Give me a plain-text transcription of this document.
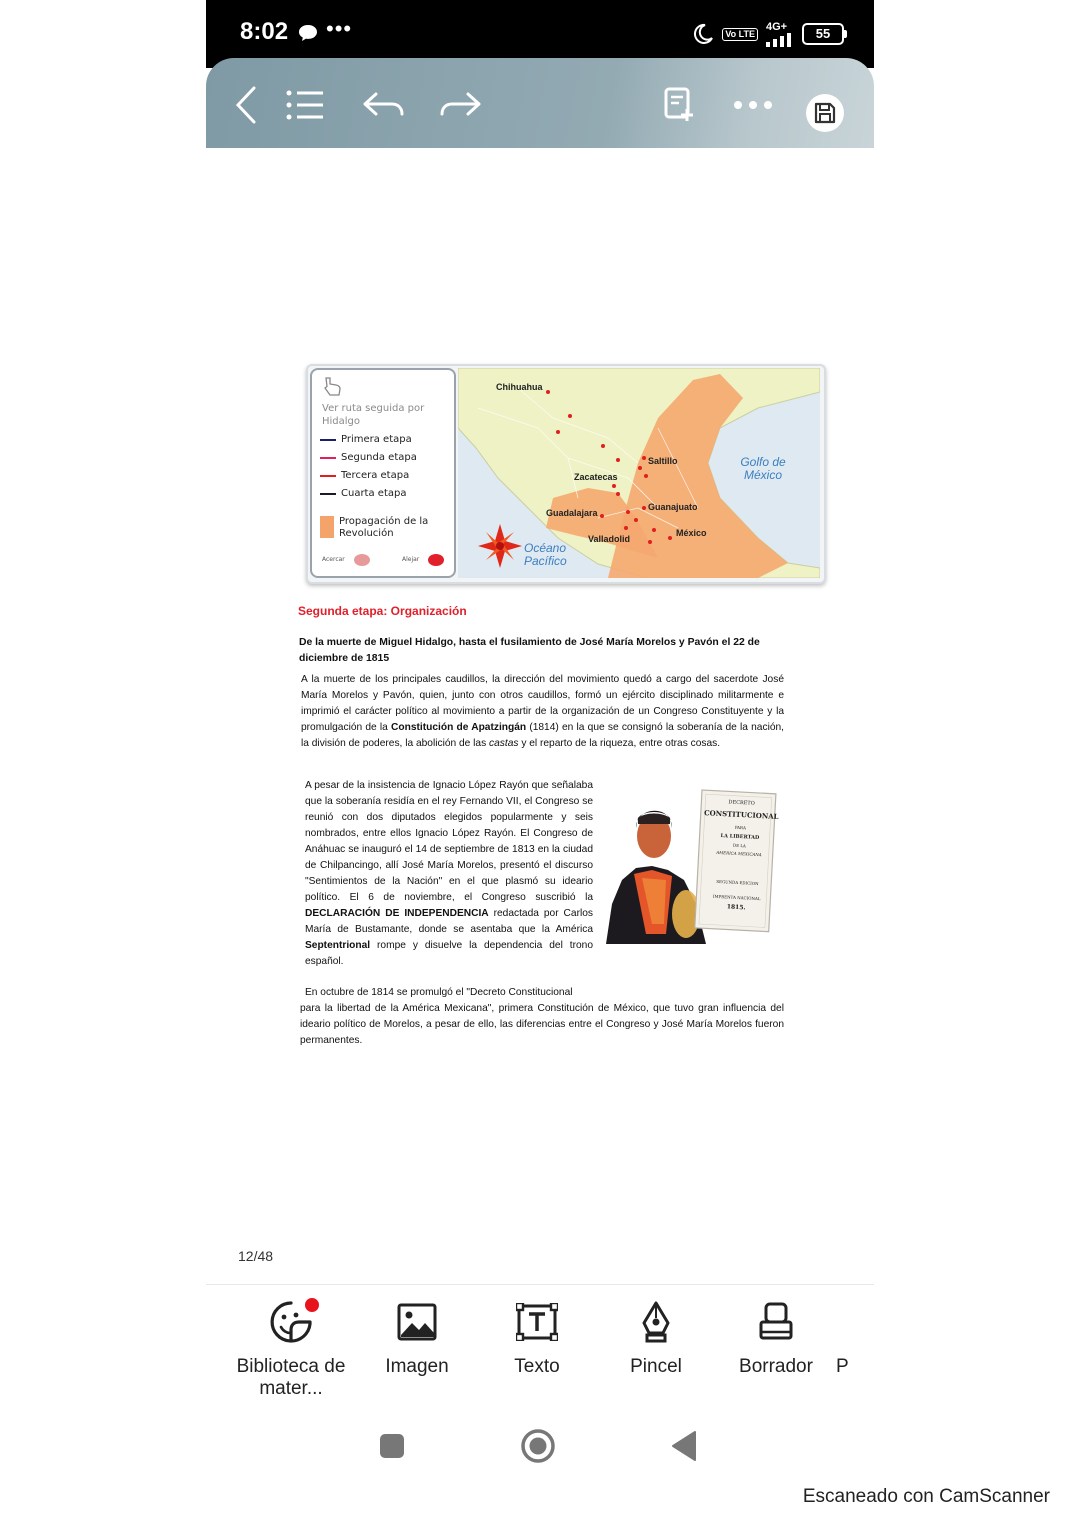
8:02 •••	Vo LTE
4G+	55
Ver ruta seguida por Hidalgo
Primera etapa
Segunda etapa
Tercera etapa
Cuarta etapa
Propagación de la Revolución
Acercar	Alejar
Chihuahua
Saltillo
Zacatecas
Guadalajara
Guanajuato
Valladolid
México
Golfo de México
Océano Pacífico
Segunda etapa: Organización
De la muerte de Miguel Hidalgo, hasta el fusilamiento de José María Morelos y Pavón el 22 de diciembre de 1815
A la muerte de los principales caudillos, la dirección del movimiento quedó a cargo del sacerdote José María Morelos y Pavón, quien, junto con otros caudillos, formó un ejército disciplinado militarmente e imprimió el carácter político al movimiento a partir de la organización de un Congreso Constituyente y la promulgación de la Constitución de Apatzingán (1814) en la que se consignó la soberanía de la nación, la división de poderes, la abolición de las castas y el reparto de la riqueza, entre otras cosas.
A pesar de la insistencia de Ignacio López Rayón que señalaba que la soberanía residía en el rey Fernando VII, el Congreso se reunió con dos diputados elegidos popularmente y seis nombrados, entre ellos Ignacio López Rayón. El Congreso de Anáhuac se inauguró el 14 de septiembre de 1813 en la ciudad de Chilpancingo, allí José María Morelos, presentó el discurso "Sentimientos de la Nación" en el que plasmó su ideario político. El 6 de noviembre, el Congreso suscribió la DECLARACIÓN DE INDEPENDENCIA redactada por Carlos María de Bustamante, donde se asentaba que la América Septentrional rompe y disuelve la dependencia del trono español.
DECRETO
CONSTITUCIONAL
PARA
LA LIBERTAD
DE LA
AMERICA MEXICANA
SEGUNDA EDICION
IMPRENTA NACIONAL
1815.
En octubre de 1814 se promulgó el "Decreto Constitucional
para la libertad de la América Mexicana", primera Constitución de México, que tuvo gran influencia del ideario político de Morelos, a pesar de ello, las diferencias entre el Congreso y José María Morelos fueron permanentes.
12/48
Biblioteca de mater...
Imagen	Texto	Pincel	Borrador	P
Escaneado con CamScanner
